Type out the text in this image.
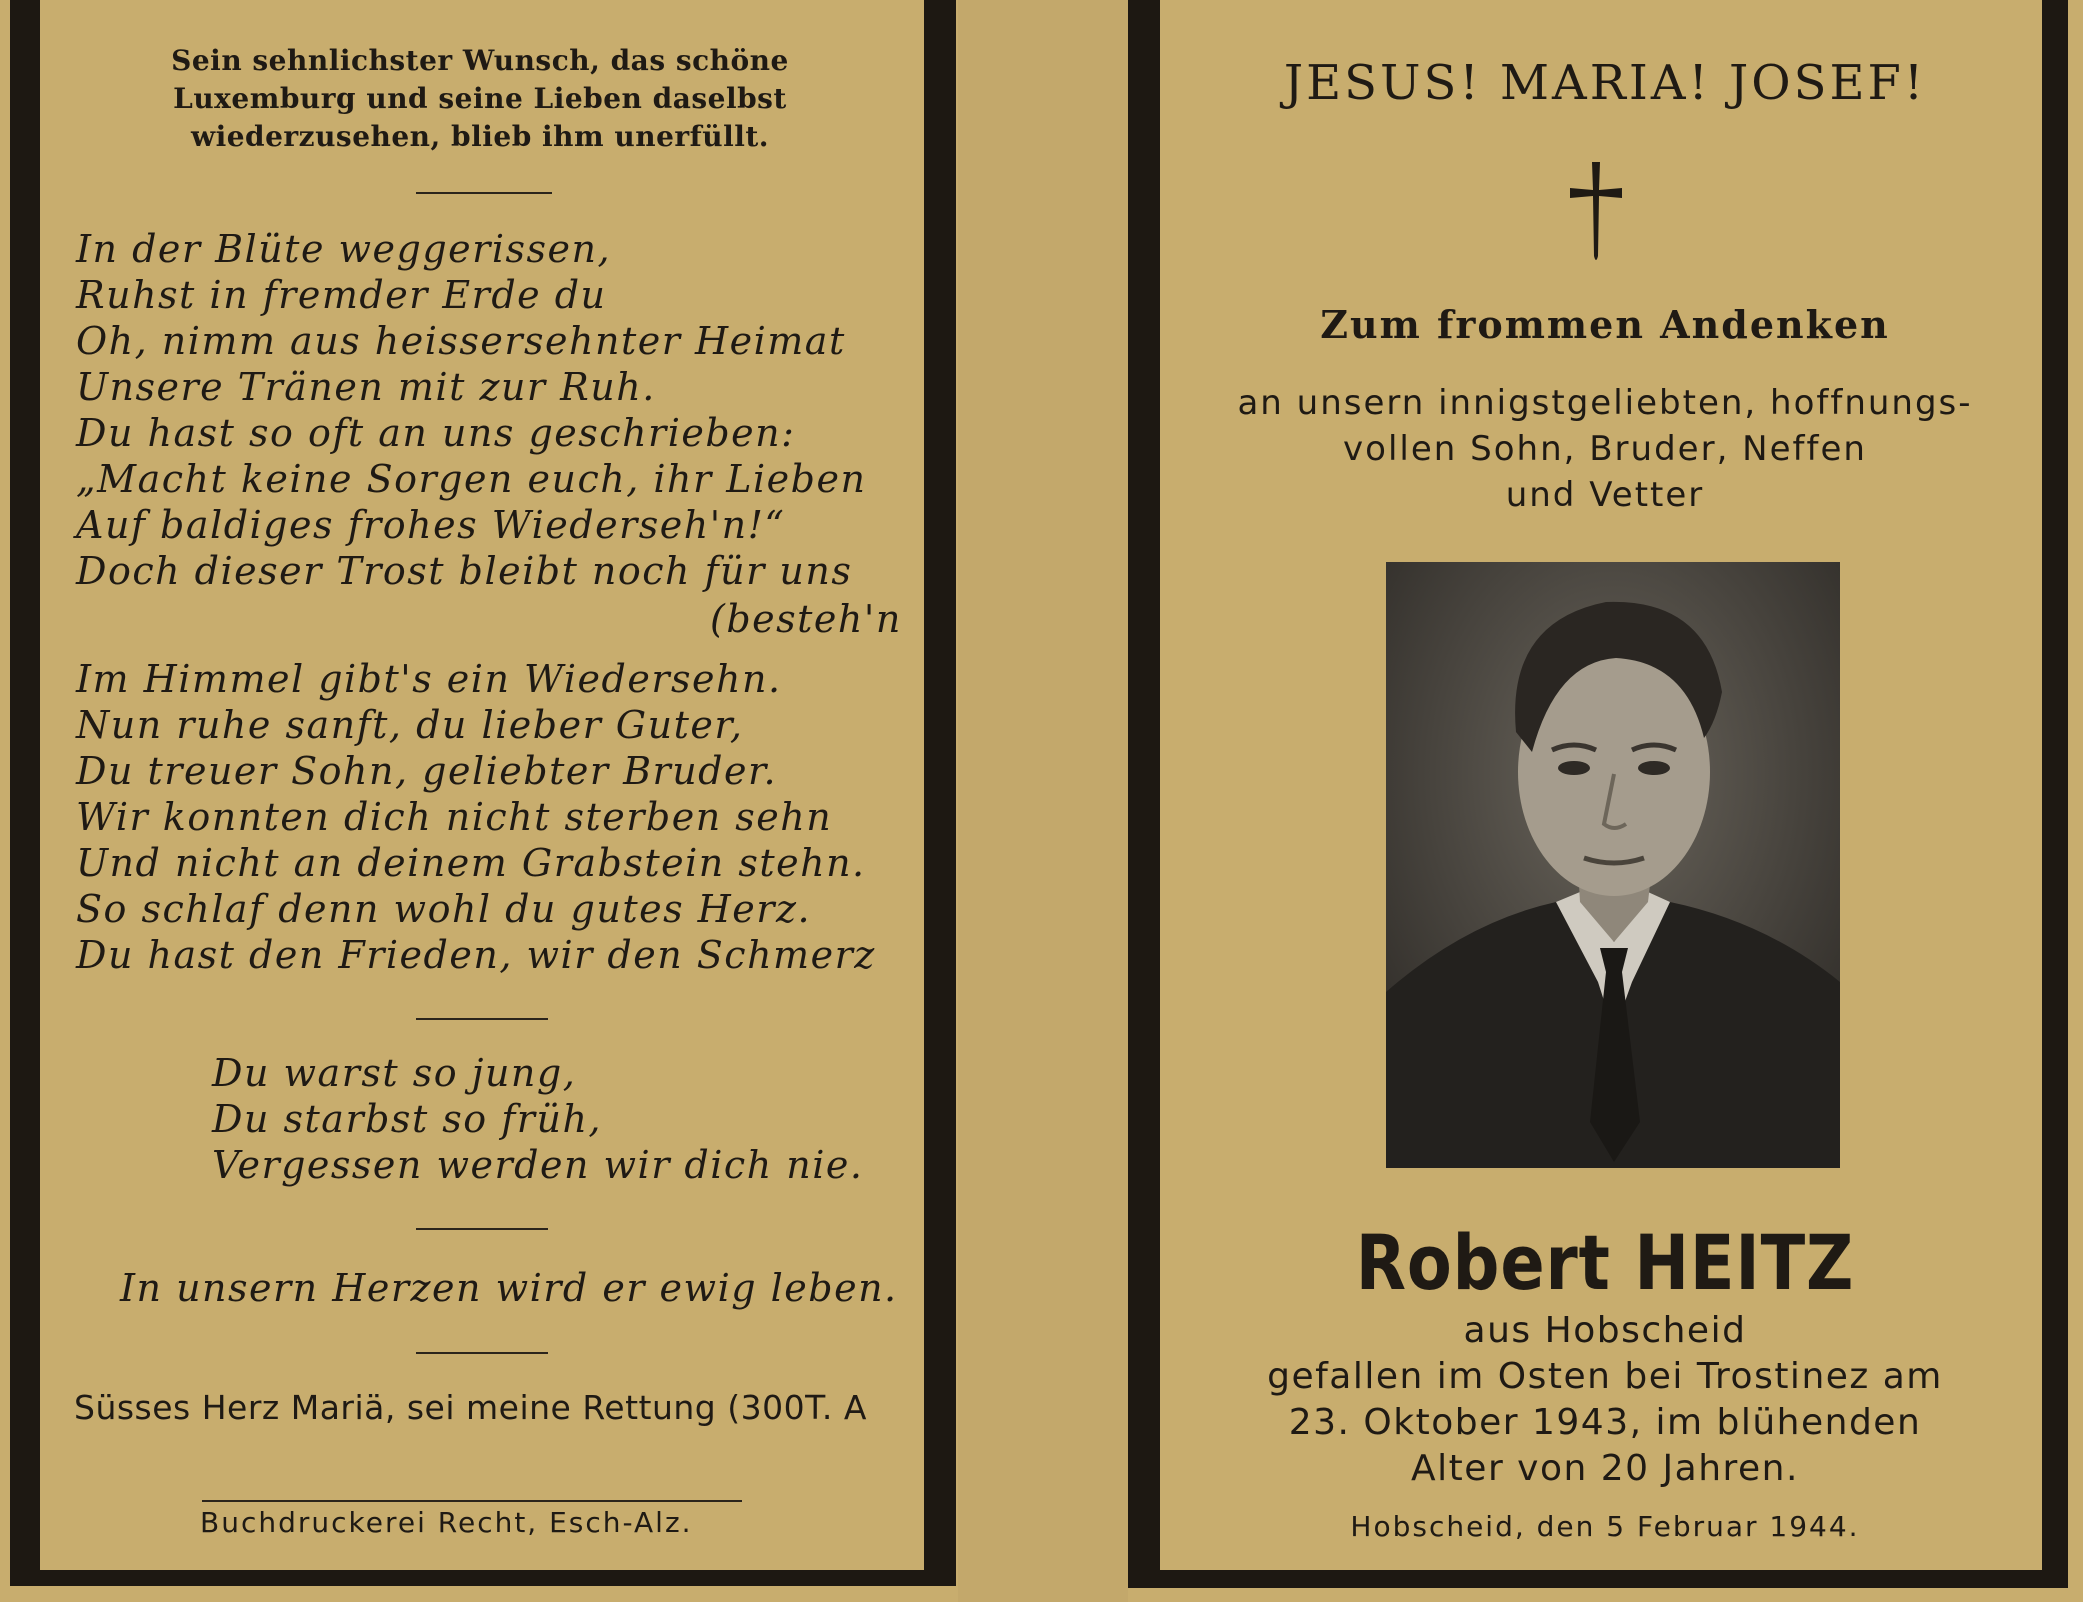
Sein sehnlichster Wunsch, das schöne
Luxemburg und seine Lieben daselbst
wiederzusehen, blieb ihm unerfüllt.
In der Blüte weggerissen,
Ruhst in fremder Erde du
Oh, nimm aus heissersehnter Heimat
Unsere Tränen mit zur Ruh.
Du hast so oft an uns geschrieben:
„Macht keine Sorgen euch, ihr Lieben
Auf baldiges frohes Wiederseh'n!“
Doch dieser Trost bleibt noch für uns
(besteh'n
Im Himmel gibt's ein Wiedersehn.
Nun ruhe sanft, du lieber Guter,
Du treuer Sohn, geliebter Bruder.
Wir konnten dich nicht sterben sehn
Und nicht an deinem Grabstein stehn.
So schlaf denn wohl du gutes Herz.
Du hast den Frieden, wir den Schmerz
Du warst so jung,
Du starbst so früh,
Vergessen werden wir dich nie.
In unsern Herzen wird er ewig leben.
Süsses Herz Mariä, sei meine Rettung (300T. A
Buchdruckerei Recht, Esch-Alz.
JESUS! MARIA! JOSEF!
Zum frommen Andenken
an unsern innigstgeliebten, hoffnungs-
vollen Sohn, Bruder, Neffen
und Vetter
Robert HEITZ
aus Hobscheid
gefallen im Osten bei Trostinez am
23. Oktober 1943, im blühenden
Alter von 20 Jahren.
Hobscheid, den 5 Februar 1944.
